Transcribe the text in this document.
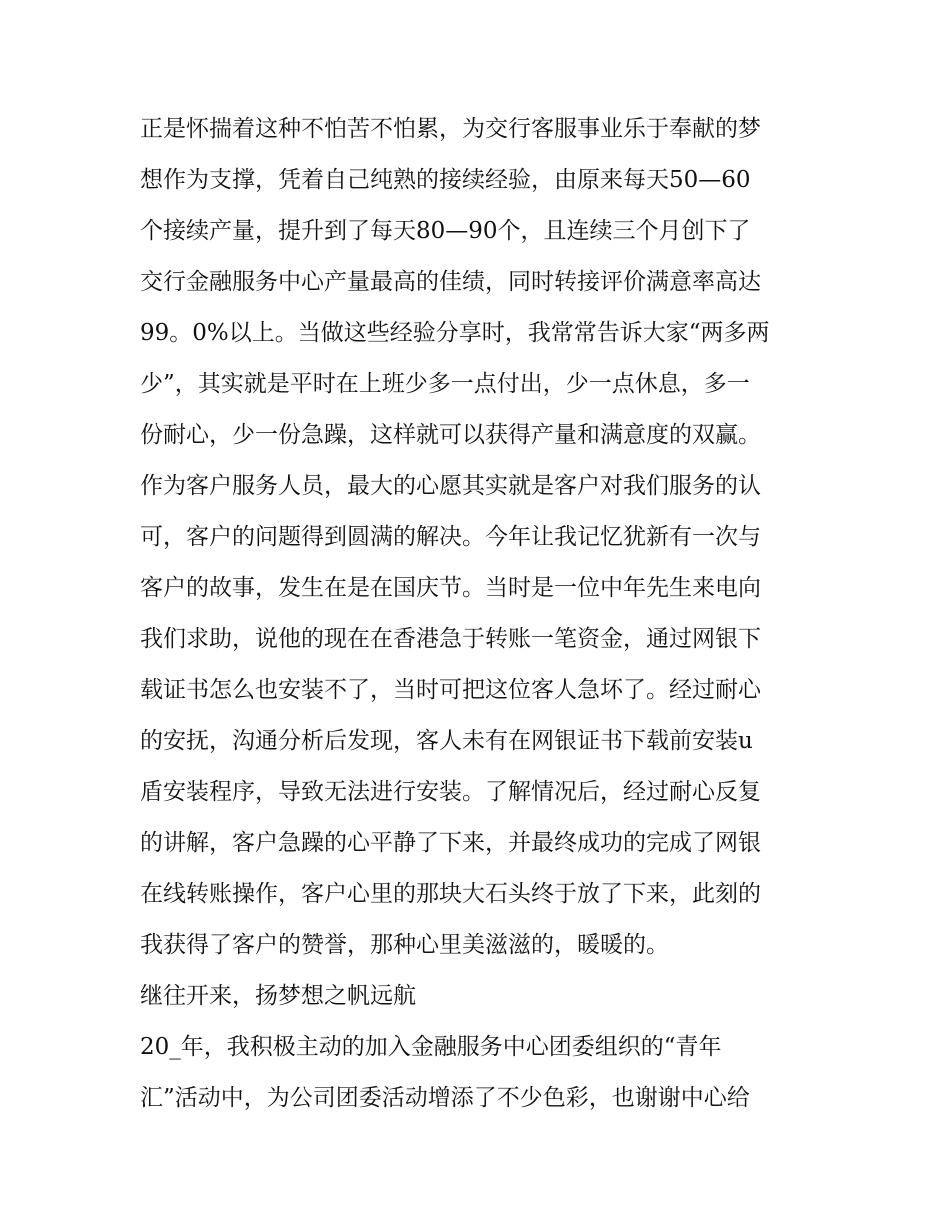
正是怀揣着这种不怕苦不怕累，为交行客服事业乐于奉献的梦
想作为支撑，凭着自己纯熟的接续经验，由原来每天50—60
个接续产量，提升到了每天80—90个，且连续三个月创下了
交行金融服务中心产量最高的佳绩，同时转接评价满意率高达
99。0%以上。当做这些经验分享时，我常常告诉大家“两多两
少”，其实就是平时在上班少多一点付出，少一点休息，多一
份耐心，少一份急躁，这样就可以获得产量和满意度的双赢。
作为客户服务人员，最大的心愿其实就是客户对我们服务的认
可，客户的问题得到圆满的解决。今年让我记忆犹新有一次与
客户的故事，发生在是在国庆节。当时是一位中年先生来电向
我们求助，说他的现在在香港急于转账一笔资金，通过网银下
载证书怎么也安装不了，当时可把这位客人急坏了。经过耐心
的安抚，沟通分析后发现，客人未有在网银证书下载前安装u
盾安装程序，导致无法进行安装。了解情况后，经过耐心反复
的讲解，客户急躁的心平静了下来，并最终成功的完成了网银
在线转账操作，客户心里的那块大石头终于放了下来，此刻的
我获得了客户的赞誉，那种心里美滋滋的，暖暖的。
继往开来，扬梦想之帆远航
20_年，我积极主动的加入金融服务中心团委组织的“青年
汇”活动中，为公司团委活动增添了不少色彩，也谢谢中心给
